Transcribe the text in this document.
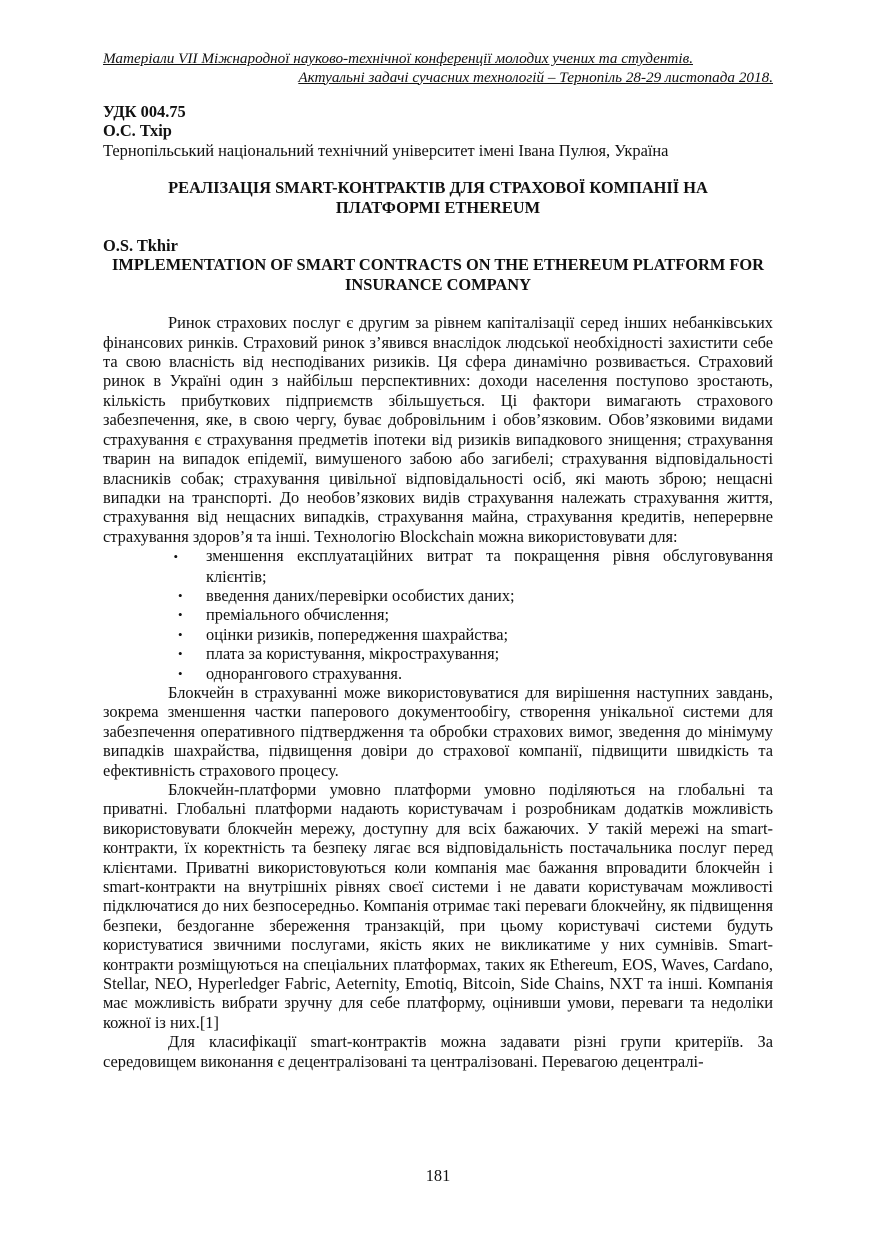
Матеріали VII Міжнародної науково-технічної конференції молодих учених та студентів.
Актуальні задачі сучасних технологій – Тернопіль 28-29 листопада 2018.
УДК 004.75
О.С. Тхір
Тернопільський національний технічний університет імені Івана Пулюя, Україна
РЕАЛІЗАЦІЯ SMART-КОНТРАКТІВ ДЛЯ СТРАХОВОЇ КОМПАНІЇ НА ПЛАТФОРМІ ETHEREUM
O.S. Tkhir
IMPLEMENTATION OF SMART CONTRACTS ON THE ETHEREUM PLATFORM FOR INSURANCE COMPANY

Ринок страхових послуг є другим за рівнем капіталізації серед інших небанківських фінансових ринків. Страховий ринок з’явився внаслідок людської необхідності захистити себе та свою власність від несподіваних ризиків. Ця сфера динамічно розвивається. Страховий ринок в Україні один з найбільш перспективних: доходи населення поступово зростають, кількість прибуткових підприємств збільшується. Ці фактори вимагають страхового забезпечення, яке, в свою чергу, буває добровільним і обов’язковим. Обов’язковими видами страхування є страхування предметів іпотеки від ризиків випадкового знищення; страхування тварин на випадок епідемії, вимушеного забою або загибелі; страхування відповідальності власників собак; страхування цивільної відповідальності осіб, які мають зброю; нещасні випадки на транспорті. До необов’язкових видів страхування належать страхування життя, страхування від нещасних випадків, страхування майна, страхування кредитів, неперервне страхування здоров’я та інші. Технологію Blockchain можна використовувати для:

• зменшення експлуатаційних витрат та покращення рівня обслуговування клієнтів;
• введення даних/перевірки особистих даних;
• преміального обчислення;
• оцінки ризиків, попередження шахрайства;
• плата за користування, мікрострахування;
• однорангового страхування.

Блокчейн в страхуванні може використовуватися для вирішення наступних завдань, зокрема зменшення частки паперового документообігу, створення унікальної системи для забезпечення оперативного підтвердження та обробки страхових вимог, зведення до мінімуму випадків шахрайства, підвищення довіри до страхової компанії, підвищити швидкість та ефективність страхового процесу.

Блокчейн-платформи умовно платформи умовно поділяються на глобальні та приватні. Глобальні платформи надають користувачам і розробникам додатків можливість використовувати блокчейн мережу, доступну для всіх бажаючих. У такій мережі на smart-контракти, їх коректність та безпеку лягає вся відповідальність постачальника послуг перед клієнтами. Приватні використовуються коли компанія має бажання впровадити блокчейн і smart-контракти на внутрішніх рівнях своєї системи і не давати користувачам можливості підключатися до них безпосередньо. Компанія отримає такі переваги блокчейну, як підвищення безпеки, бездоганне збереження транзакцій, при цьому користувачі системи будуть користуватися звичними послугами, якість яких не викликатиме у них сумнівів. Smart-контракти розміщуються на спеціальних платформах, таких як Ethereum, EOS, Waves, Cardano, Stellar, NEO, Hyperledger Fabric, Aeternity, Emotiq, Bitcoin, Side Chains, NXT та інші. Компанія має можливість вибрати зручну для себе платформу, оцінивши умови, переваги та недоліки кожної із них.[1]

Для класифікації smart-контрактів можна задавати різні групи критеріїв. За середовищем виконання є децентралізовані та централізовані. Перевагою децентралі-

181
